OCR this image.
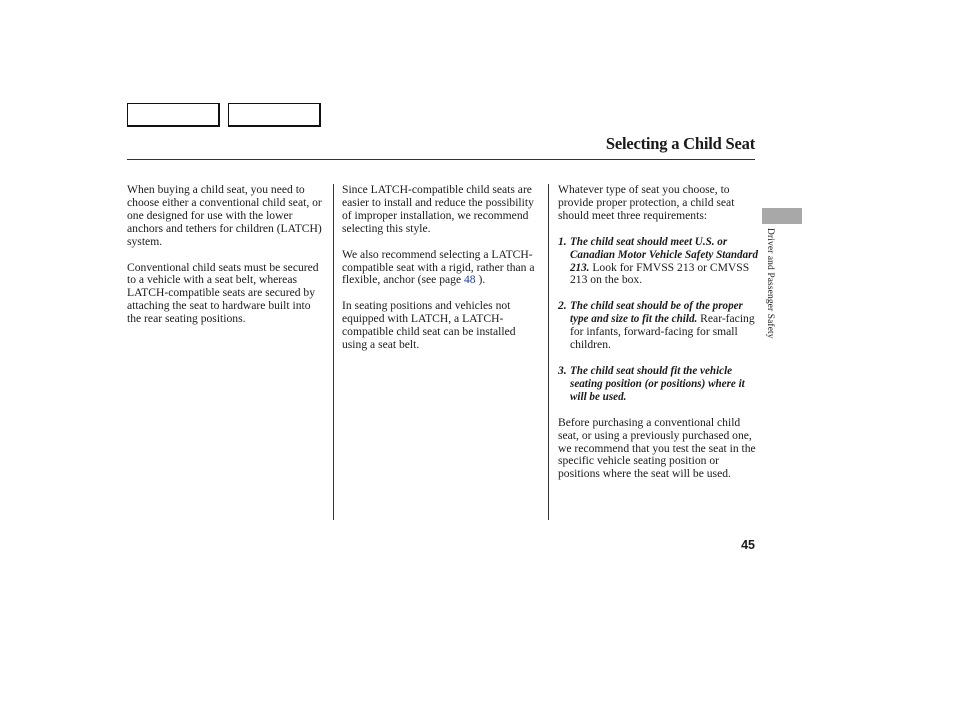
Selecting a Child Seat

When buying a child seat, you need to choose either a conventional child seat, or one designed for use with the lower anchors and tethers for children (LATCH) system.

Conventional child seats must be secured to a vehicle with a seat belt, whereas LATCH-compatible seats are secured by attaching the seat to hardware built into the rear seating positions.

Since LATCH-compatible child seats are easier to install and reduce the possibility of improper installation, we recommend selecting this style.

We also recommend selecting a LATCH-compatible seat with a rigid, rather than a flexible, anchor (see page 48 ).

In seating positions and vehicles not equipped with LATCH, a LATCH-compatible child seat can be installed using a seat belt.

Whatever type of seat you choose, to provide proper protection, a child seat should meet three requirements:

1. The child seat should meet U.S. or Canadian Motor Vehicle Safety Standard 213. Look for FMVSS 213 or CMVSS 213 on the box.
2. The child seat should be of the proper type and size to fit the child. Rear-facing for infants, forward-facing for small children.
3. The child seat should fit the vehicle seating position (or positions) where it will be used.

Before purchasing a conventional child seat, or using a previously purchased one, we recommend that you test the seat in the specific vehicle seating position or positions where the seat will be used.

Driver and Passenger Safety
45
